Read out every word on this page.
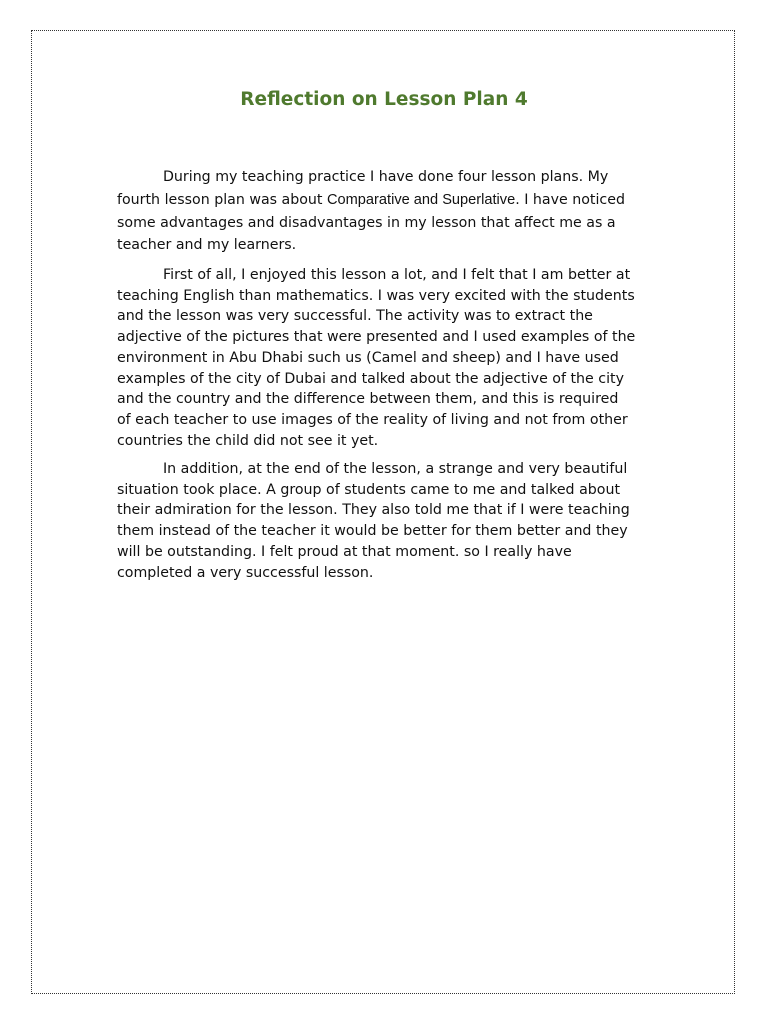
Reflection on Lesson Plan 4

During my teaching practice I have done four lesson plans. My
fourth lesson plan was about Comparative and Superlative. I have noticed
some advantages and disadvantages in my lesson that affect me as a
teacher and my learners.

First of all, I enjoyed this lesson a lot, and I felt that I am better at
teaching English than mathematics. I was very excited with the students
and the lesson was very successful. The activity was to extract the
adjective of the pictures that were presented and I used examples of the
environment in Abu Dhabi such us (Camel and sheep) and I have used
examples of the city of Dubai and talked about the adjective of the city
and the country and the difference between them, and this is required
of each teacher to use images of the reality of living and not from other
countries the child did not see it yet.

In addition, at the end of the lesson, a strange and very beautiful
situation took place. A group of students came to me and talked about
their admiration for the lesson. They also told me that if I were teaching
them instead of the teacher it would be better for them better and they
will be outstanding. I felt proud at that moment. so I really have
completed a very successful lesson.
